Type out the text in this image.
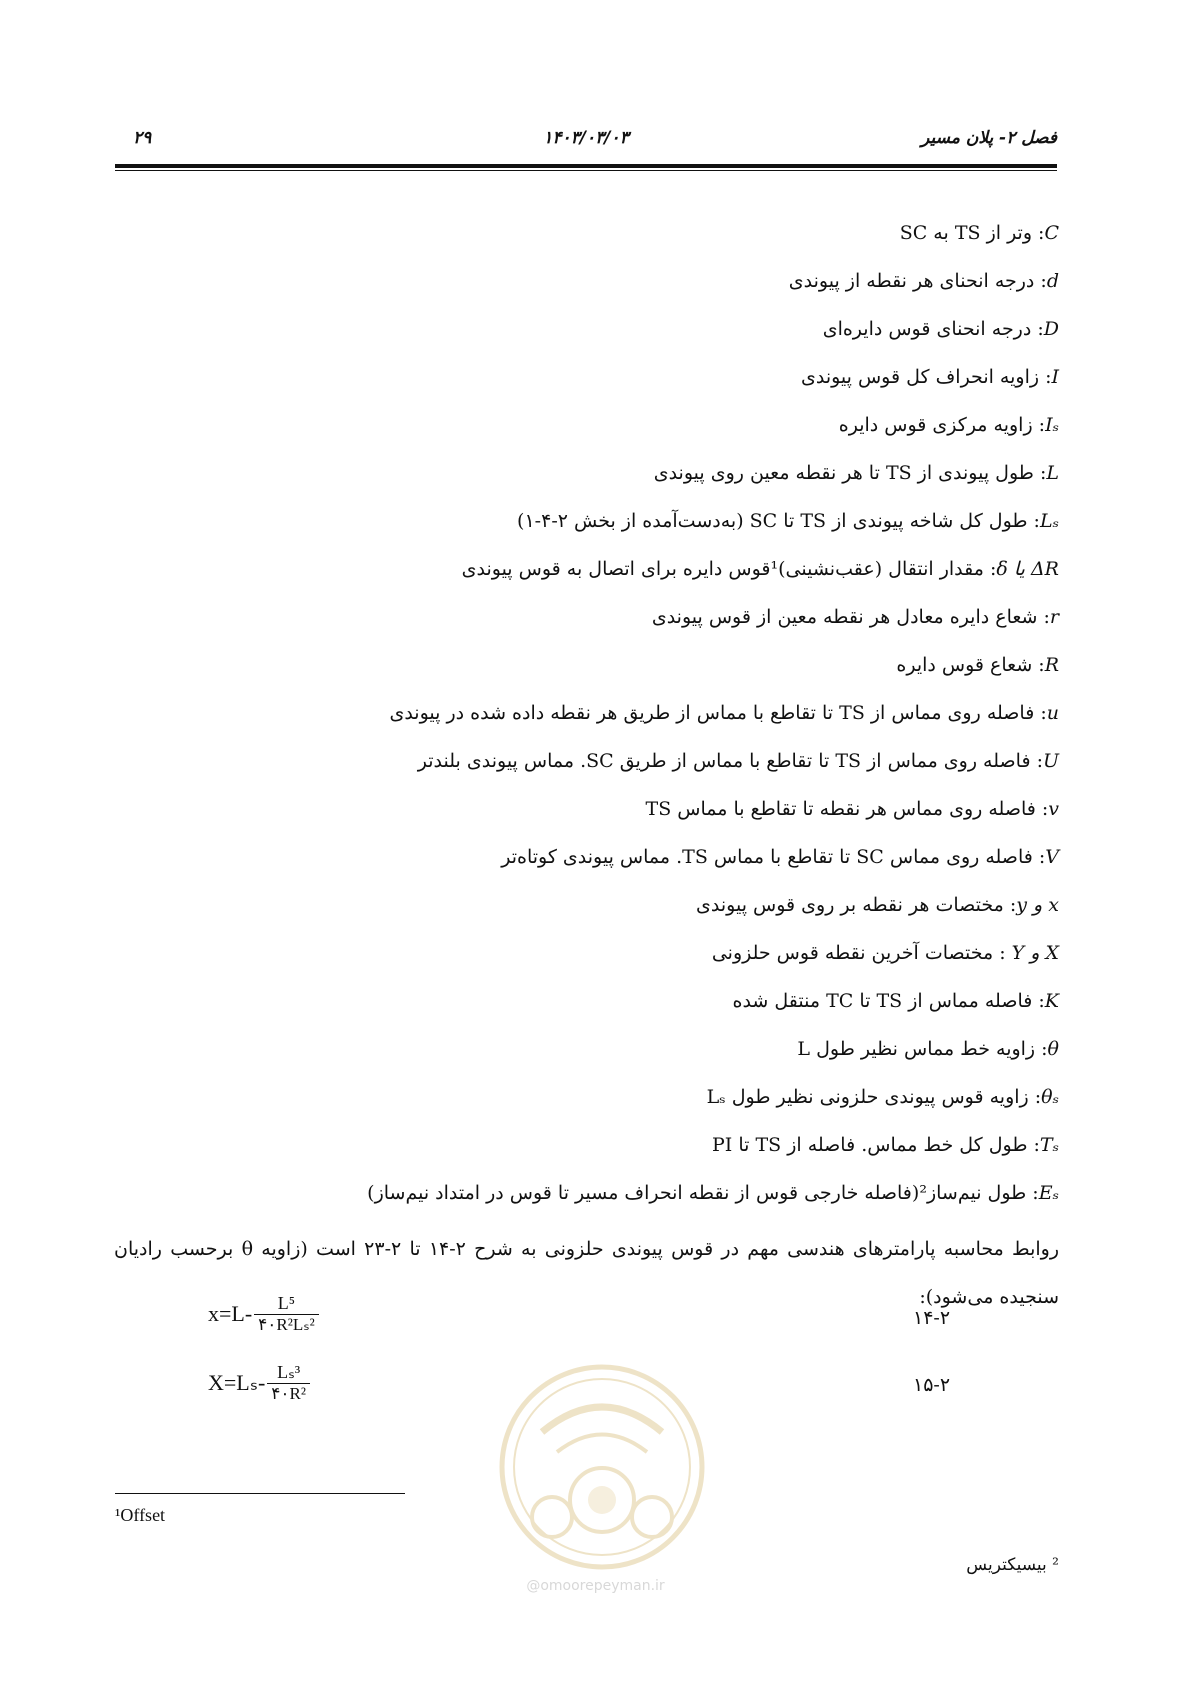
۲۹	۱۴۰۳/۰۳/۰۳	فصل ۲- پلان مسیر
C: وتر از TS به SC
d: درجه انحنای هر نقطه از پیوندی
D: درجه انحنای قوس دایره‌ای
I: زاویه انحراف کل قوس پیوندی
Iₛ: زاویه مرکزی قوس دایره
L: طول پیوندی از TS تا هر نقطه معین روی پیوندی
Lₛ: طول کل شاخه پیوندی از TS تا SC (به‌دست‌آمده از بخش ۲-۴-۱)
δ یا ΔR: مقدار انتقال (عقب‌نشینی)¹قوس دایره برای اتصال به قوس پیوندی
r: شعاع دایره معادل هر نقطه معین از قوس پیوندی
R: شعاع قوس دایره
u: فاصله روی مماس از TS تا تقاطع با مماس از طریق هر نقطه داده شده در پیوندی
U: فاصله روی مماس از TS تا تقاطع با مماس از طریق SC. مماس پیوندی بلندتر
v: فاصله روی مماس هر نقطه تا تقاطع با مماس TS
V: فاصله روی مماس SC تا تقاطع با مماس TS. مماس پیوندی کوتاه‌تر
y و x: مختصات هر نقطه بر روی قوس پیوندی
Y و X : مختصات آخرین نقطه قوس حلزونی
K: فاصله مماس از TS تا TC منتقل شده
θ: زاویه خط مماس نظیر طول L
θₛ: زاویه قوس پیوندی حلزونی نظیر طول Lₛ
Tₛ: طول کل خط مماس. فاصله از TS تا PI
Eₛ: طول نیم‌ساز²(فاصله خارجی قوس از نقطه انحراف مسیر تا قوس در امتداد نیم‌ساز)

روابط محاسبه پارامترهای هندسی مهم در قوس پیوندی حلزونی به شرح ۲-۱۴ تا ۲-۲۳ است (زاویه θ برحسب رادیان سنجیده می‌شود):

$x=L- \frac{\text{L⁵}}{\text{۴۰R²Lₛ²}}$	۱۴-۲
$X=L_s- \frac{\text{Lₛ³}}{\text{۴۰R²}}$	۱۵-۲
@omoorepeyman.ir
¹Offset
² بیسیکتریس
